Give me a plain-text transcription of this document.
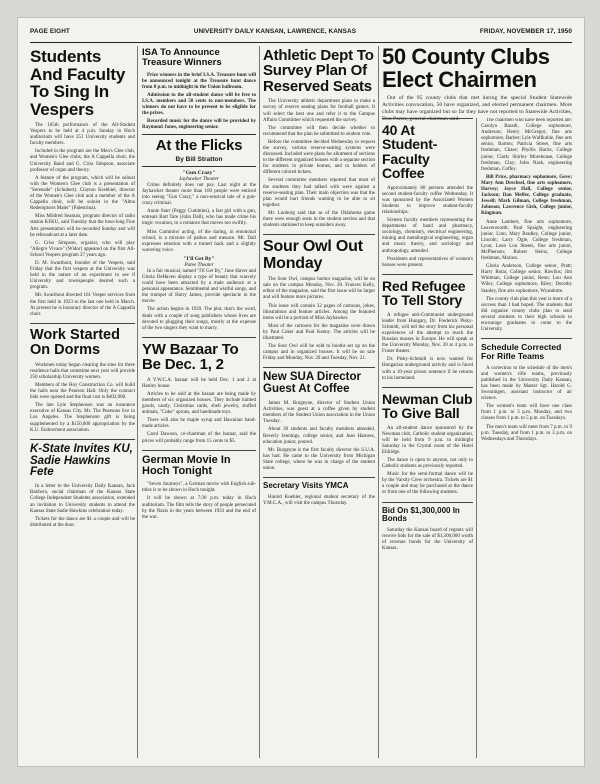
PAGE EIGHT	UNIVERSITY DAILY KANSAN, LAWRENCE, KANSAS	FRIDAY, NOVEMBER 17, 1950
Students And Faculty To Sing In Vespers

The 105th performance of the All-Student Vespers to be held at 4 p.m. Sunday in Hoch auditorium will have 251 University students and faculty members.

Included in the program are the Men's Glee club, and Women's Glee clubs, the A Cappella choir, the University Band and G. Criss Simpson, associate professor of organ and theory.

A feature of the program, which will be soloist with the Women's Glee club is a presentation of "Serenade" (Schubert). Clayton Krehbiel, director of the Women's Glee club and a member of the A Cappella choir, will be soloist in the "Alma Redemptoris Mater" (Palestrina).

Miss Mildred Seaman, program director of radio station KFKU, said Tuesday that the hour-long Fine Arts presentation will be recorded Sunday and will be rebroadcast at a later date.

G. Criss Simpson, organist, who will play "Allegro Vivace" (Widor) appeared on the first All-School Vespers program 27 years ago.

D. M. Swarthout, founder of the Vespers, said Friday that the first vespers at the University was held in the nature of an experiment to see if University and townspeople desired such a program.

Mr. Swarthout directed 161 Vesper services from the first held in 1923 to the last one held in March. At present he is honorary director of the A Cappella choir.

Work Started On Dorms

Workmen today began clearing the sites for three residence halls that sometime next year will provide 250 scholarship University women.

Members of the Hoy Construction Co. will build the halls near the Pearson Hall. Only the contract bids were opened and the final cost is $402,000.

The late Lyle Stephenson was an insurance executive of Kansas City. Mr. The Pearsons live in Los Angeles. The Stephenson gift is being supplemented by a $150,000 appropriation by the K.U. Endowment association.

K-State Invites KU, Sadie Hawkins Fete

In a letter to the University Daily Kansan, Jack Baldwin, social chairman of the Kansas State College Independent Students association, extended an invitation to University students to attend the Kansas State Sadie Hawkins celebration today.

Tickets for the dance are $1 a couple and will be distributed at the door.

ISA To Announce Treasure Winners

Prize winners in the brief I.S.A. Treasure hunt will be announced tonight at the Treasure hunt dance from 8 p.m. to midnight in the Union ballroom.

Admission to the all-student dance will be free to I.S.A. members and 50 cents to non-members. The winners do not have to be present to be eligible for the prizes.

Recorded music for the dance will be provided by Raymond Jones, engineering senior.

At the Flicks
By Bill Stratton
"Gun Crazy"
Jayhawker Theater

Crime definitely does not pay. Last night at the Jayhawker theater more than 100 people were enticed into seeing "Gun Crazy," a non-sensical tale of a gun-crazy criminal.

Annie Starr (Peggy Cummins), a fast girl with a gun, entreats Bart Tare (John Dall), who has made crime his tragic vocation, to a romance that moves too swiftly.

Miss Cummins' acting, of the daring, in emotional school, is a mixture of pathos and menace. Mr. Dall expresses emotion with a turned back and a slightly wavering voice.

"I'll Get By"
Patee Theater

In a fair musical, named "I'll Get By," June Haver and Gloria DeHaven display a type of beauty that scarcely could have been attracted by a male audience at a personal appearance. Sentimental and wistful songs, and the trumpet of Harry James, provide spectacle in the movie.

The action begins in 1939. The plot, that's the word, deals with a couple of song publishers whose lives are devoted to plugging their songs, mostly at the expense of the two singers they want to marry.

YW Bazaar To Be Dec. 1, 2

A Y.W.C.A. bazaar will be held Dec. 1 and 2 at Henley house.

Articles to be sold at the bazaar are being made by members of six organized houses. They include knitted goods, candy, Christmas cards, shell jewelry, stuffed animals, "Coke" aprons, and handmade toys.

There will also be maple syrup and Hawaiian hand-made articles.

Carol Dawson, co-chairman of the bazaar, said the prices will probably range from 15 cents to $5.

German Movie In Hoch Tonight

"Seven Journeys", a German movie with English sub-titles is to be shown in Hoch tonight.

It will be shown at 7:30 p.m. today in Hoch auditorium. The film tells the story of people persecuted by the Nazis in the years between 1933 and the end of the war.

Athletic Dept To Survey Plan Of Reserved Seats

The University athletic department plans to make a survey of reserve seating plans for football games. It will select the best one and refer it to the Campus Affairs Committee which requested the survey.

The committee will then decide whether to recommend that the plan be submitted to student vote.

Before the committee decided Wednesday to request the survey, various reserve-seating systems were discussed. Included were plans for allotment of sections to the different organized houses with a separate section for students in private homes, and to holders of different colored tickets.

Several committee members reported that most of the students they had talked with were against a reserve-seating plan. Their main objection was that the plan would hurt friends wanting to be able to sit together.

Mr. Lonborg said that as of the Oklahoma game there were enough seats in the student section and that students stationed to keep outsiders away.

Sour Owl Out Monday

The Sour Owl, campus humor magazine, will be on sale on the campus Monday, Nov. 20. Frances Kelly, editor of the magazine, said the first issue will be larger and will feature more pictures.

This issue will contain 32 pages of cartoons, jokes, illustrations and feature articles. Among the featured items will be a portrait of Miss Jayhawker.

Most of the cartoons for the magazine were drawn by Paul Coker and Paul Kenny. The articles will be illustrated.

The Sour Owl will be sold to booths set up on the campus and in organized houses. It will be on sale Friday and Monday, Nov. 20 and Tuesday, Nov. 21.

New SUA Director Guest At Coffee

James M. Burgeyne, director of Student Union Activities, was guest at a coffee given by student members of the Student Union association in the Union Tuesday.

About 30 students and faculty members attended. Beverly Jennings, college senior, and Jean Harness, education junior, poured.

Mr. Burgeyne is the first faculty director the S.U.A. has had. He came to the University from Michigan State college, where he was in charge of the student union.

Secretary Visits YMCA

Harold Kuehler, regional student secretary of the Y.M.C.A., will visit the campus Thursday.

50 County Clubs Elect Chairmen

Out of the 95 county clubs that met during the special Student Statewide Activities convocation, 50 have organized, and elected permanent chairmen. More clubs may have organized but so far they have not reported to Statewide Activities,

40 At Student-Faculty Coffee

Approximately 80 persons attended the second student-faculty coffee Wednesday. It was sponsored by the Associated Women Students to improve student-faculty relationships.

Sixteen faculty members representing the departments of band and pharmacy, sociology, chemistry, electrical engineering, mining and metallurgical engineering, organ and music theory, and sociology and anthropology, attended.

Presidents and representatives of women's houses were present.

Red Refugee To Tell Story

A refugee anti-Communist underground leader from Hungary, Dr. Frederick Pisky-Schmidt, will tell the story from his personal experiences of the attempt to reach the Russian masses in Europe. He will speak at the University Monday, Nov. 20 at 4 p.m. in Fraser theater.

Dr. Pisky-Schmidt is now wanted for Hungarian underground activity and is faced with a 10-year prison sentence if he returns to his homeland.

Newman Club To Give Ball

An all-student dance sponsored by the Newman club, Catholic student organization, will be held from 9 p.m. to midnight Saturday in the Crystal room of the Hotel Eldridge.

The dance is open to anyone, not only to Catholic students as previously reported.

Music for the semi-formal dance will be by the Varsity Crew orchestra. Tickets are $1 a couple and may be purchased at the dance or from one of the following students.

Bid On $1,300,000 In Bonds

Saturday the Kansas board of regents will receive bids for the sale of $1,300,000 worth of revenue bonds for the University of Kansas.

The chairmen who have been reported are: Carolyn Baradi, College sophomore, Anderson; Henry McGregor, fine arts sophomore, Barber; Lyle Wulfkuhle, fine arts senior, Barton; Patricia Street, fine arts freshman, Chase; Phyllis Harris, College junior, Clark; Shirley Morehouse, College freshman, Clay; John Nash, engineering freshman, Coffey.

Bill Price, pharmacy sophomore, Gove; Mary Ann Drechsel, fine arts sophomore, Harvey; Joyce Hall, College senior, Jackson; Dan Meffer, College graduate, Jewell; Mark Gilman, College freshman, Johnson; Lawrence Gish, College junior, Kingman.

Anne Lambert, fine arts sophomore, Leavenworth; Paul Spaight, engineering junior, Linn; Mary Bradley, College junior, Lincoln; Larry Ogle, College freshman, Lyon; Leon Lou Sheets, fine arts junior, McPherson; Robert Heinz, College freshman, Marion.

Gloria Anderson, College senior, Pratt; Harry Rotar, College senior, Rawlins; Jim Whitman, College junior, Reno; Lou Ann Wiley, College sophomore, Riley; Dorothy Stanley, fine arts sophomore, Wyandotte.

The county club plan this year is more of a success than I had hoped. The students that did organize county clubs plan to send several students to their high schools to encourage graduates to come to the University.

Schedule Corrected For Rifle Teams

A correction to the schedule of the men's and women's rifle teams, previously published in the University Daily Kansan, has been made by Master Sgt. Harold G. Swearingen, assistant instructor of air science.

The women's team will have one class from 1 p.m. to 3 p.m. Monday, and two classes from 1 p.m. to 5 p.m. on Tuesdays.

The men's team will meet from 7 p.m. to 9 p.m. Tuesday, and from 1 p.m. to 3 p.m. on Wednesdays and Thursdays.
